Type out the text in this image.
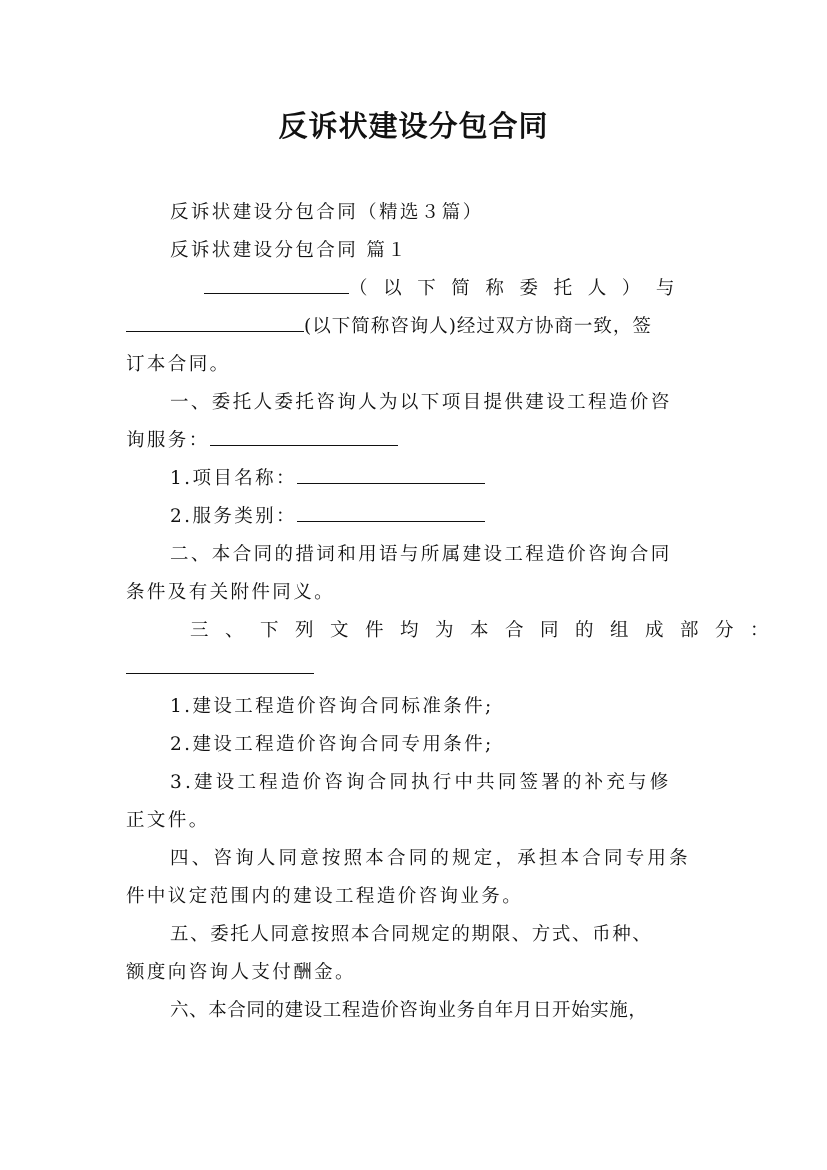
反诉状建设分包合同
反诉状建设分包合同（精选３篇）
反诉状建设分包合同 篇１
（以下简称委托人）与
(以下简称咨询人)经过双方协商一致，签
订本合同。
一、委托人委托咨询人为以下项目提供建设工程造价咨
询服务：
1.项目名称：
2.服务类别：
二、本合同的措词和用语与所属建设工程造价咨询合同
条件及有关附件同义。
三、下列文件均为本合同的组成部分：
1.建设工程造价咨询合同标准条件;
2.建设工程造价咨询合同专用条件;
3.建设工程造价咨询合同执行中共同签署的补充与修
正文件。
四、咨询人同意按照本合同的规定，承担本合同专用条
件中议定范围内的建设工程造价咨询业务。
五、委托人同意按照本合同规定的期限、方式、币种、
额度向咨询人支付酬金。
六、本合同的建设工程造价咨询业务自年月日开始实施，
